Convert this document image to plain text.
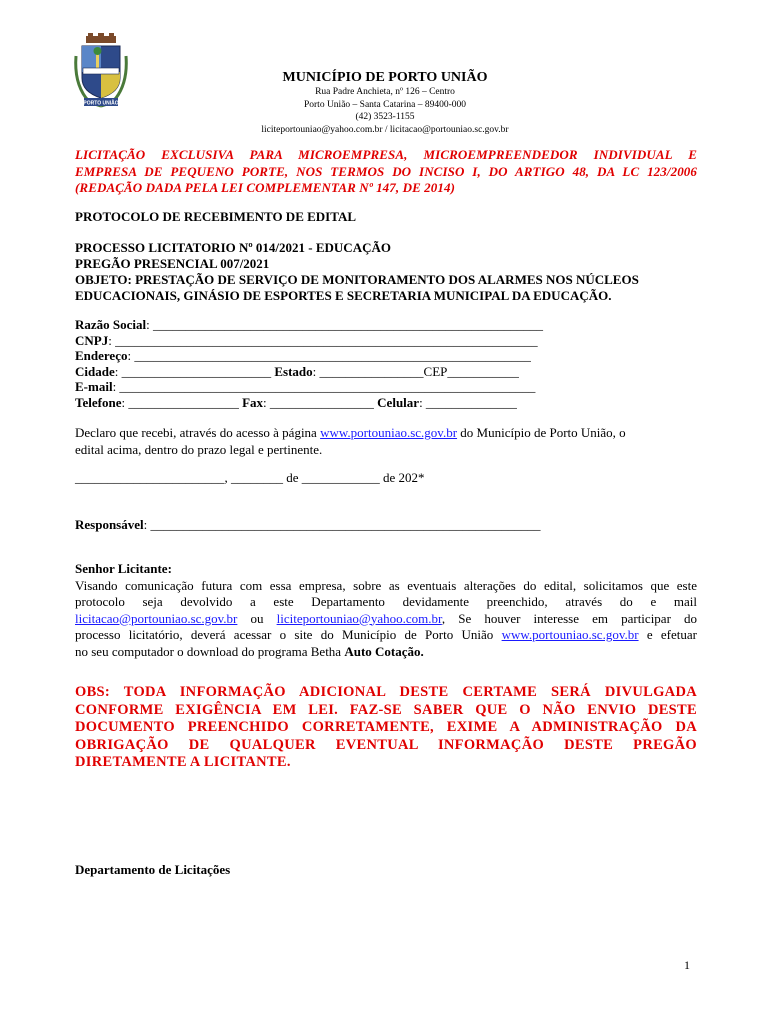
PORTO UNIÃO
MUNICÍPIO DE PORTO UNIÃO
Rua Padre Anchieta, nº 126 – Centro
Porto União – Santa Catarina – 89400-000
(42) 3523-1155
liciteportouniao@yahoo.com.br / licitacao@portouniao.sc.gov.br
LICITAÇÃO EXCLUSIVA PARA MICROEMPRESA, MICROEMPREENDEDOR INDIVIDUAL E
EMPRESA DE PEQUENO PORTE, NOS TERMOS DO INCISO I, DO ARTIGO 48, DA LC 123/2006
(REDAÇÃO DADA PELA LEI COMPLEMENTAR Nº 147, DE 2014)
PROTOCOLO DE RECEBIMENTO DE EDITAL
PROCESSO LICITATORIO Nº 014/2021 - EDUCAÇÃO
PREGÃO PRESENCIAL 007/2021
OBJETO: PRESTAÇÃO DE SERVIÇO DE MONITORAMENTO DOS ALARMES NOS NÚCLEOS
EDUCACIONAIS, GINÁSIO DE ESPORTES E SECRETARIA MUNICIPAL DA EDUCAÇÃO.
Razão Social: ____________________________________________________________
CNPJ: _________________________________________________________________
Endereço: _____________________________________________________________
Cidade: _______________________ Estado: ________________CEP___________
E-mail: ________________________________________________________________
Telefone: _________________ Fax: ________________ Celular: ______________
Declaro que recebi, através do acesso à página www.portouniao.sc.gov.br do Município de Porto União, o
edital acima, dentro do prazo legal e pertinente.
_______________________, ________ de ____________ de 202*
Responsável: ____________________________________________________________
Senhor Licitante:
Visando comunicação futura com essa empresa, sobre as eventuais alterações do edital, solicitamos que este
protocolo seja devolvido a este Departamento devidamente preenchido, através do e mail
licitacao@portouniao.sc.gov.br ou liciteportouniao@yahoo.com.br, Se houver interesse em participar do
processo licitatório, deverá acessar o site do Município de Porto União www.portouniao.sc.gov.br e efetuar
no seu computador o download do programa Betha Auto Cotação.
OBS: TODA INFORMAÇÃO ADICIONAL DESTE CERTAME SERÁ DIVULGADA
CONFORME EXIGÊNCIA EM LEI. FAZ-SE SABER QUE O NÃO ENVIO DESTE
DOCUMENTO PREENCHIDO CORRETAMENTE, EXIME A ADMINISTRAÇÃO DA
OBRIGAÇÃO DE QUALQUER EVENTUAL INFORMAÇÃO DESTE PREGÃO
DIRETAMENTE A LICITANTE.
Departamento de Licitações
1
